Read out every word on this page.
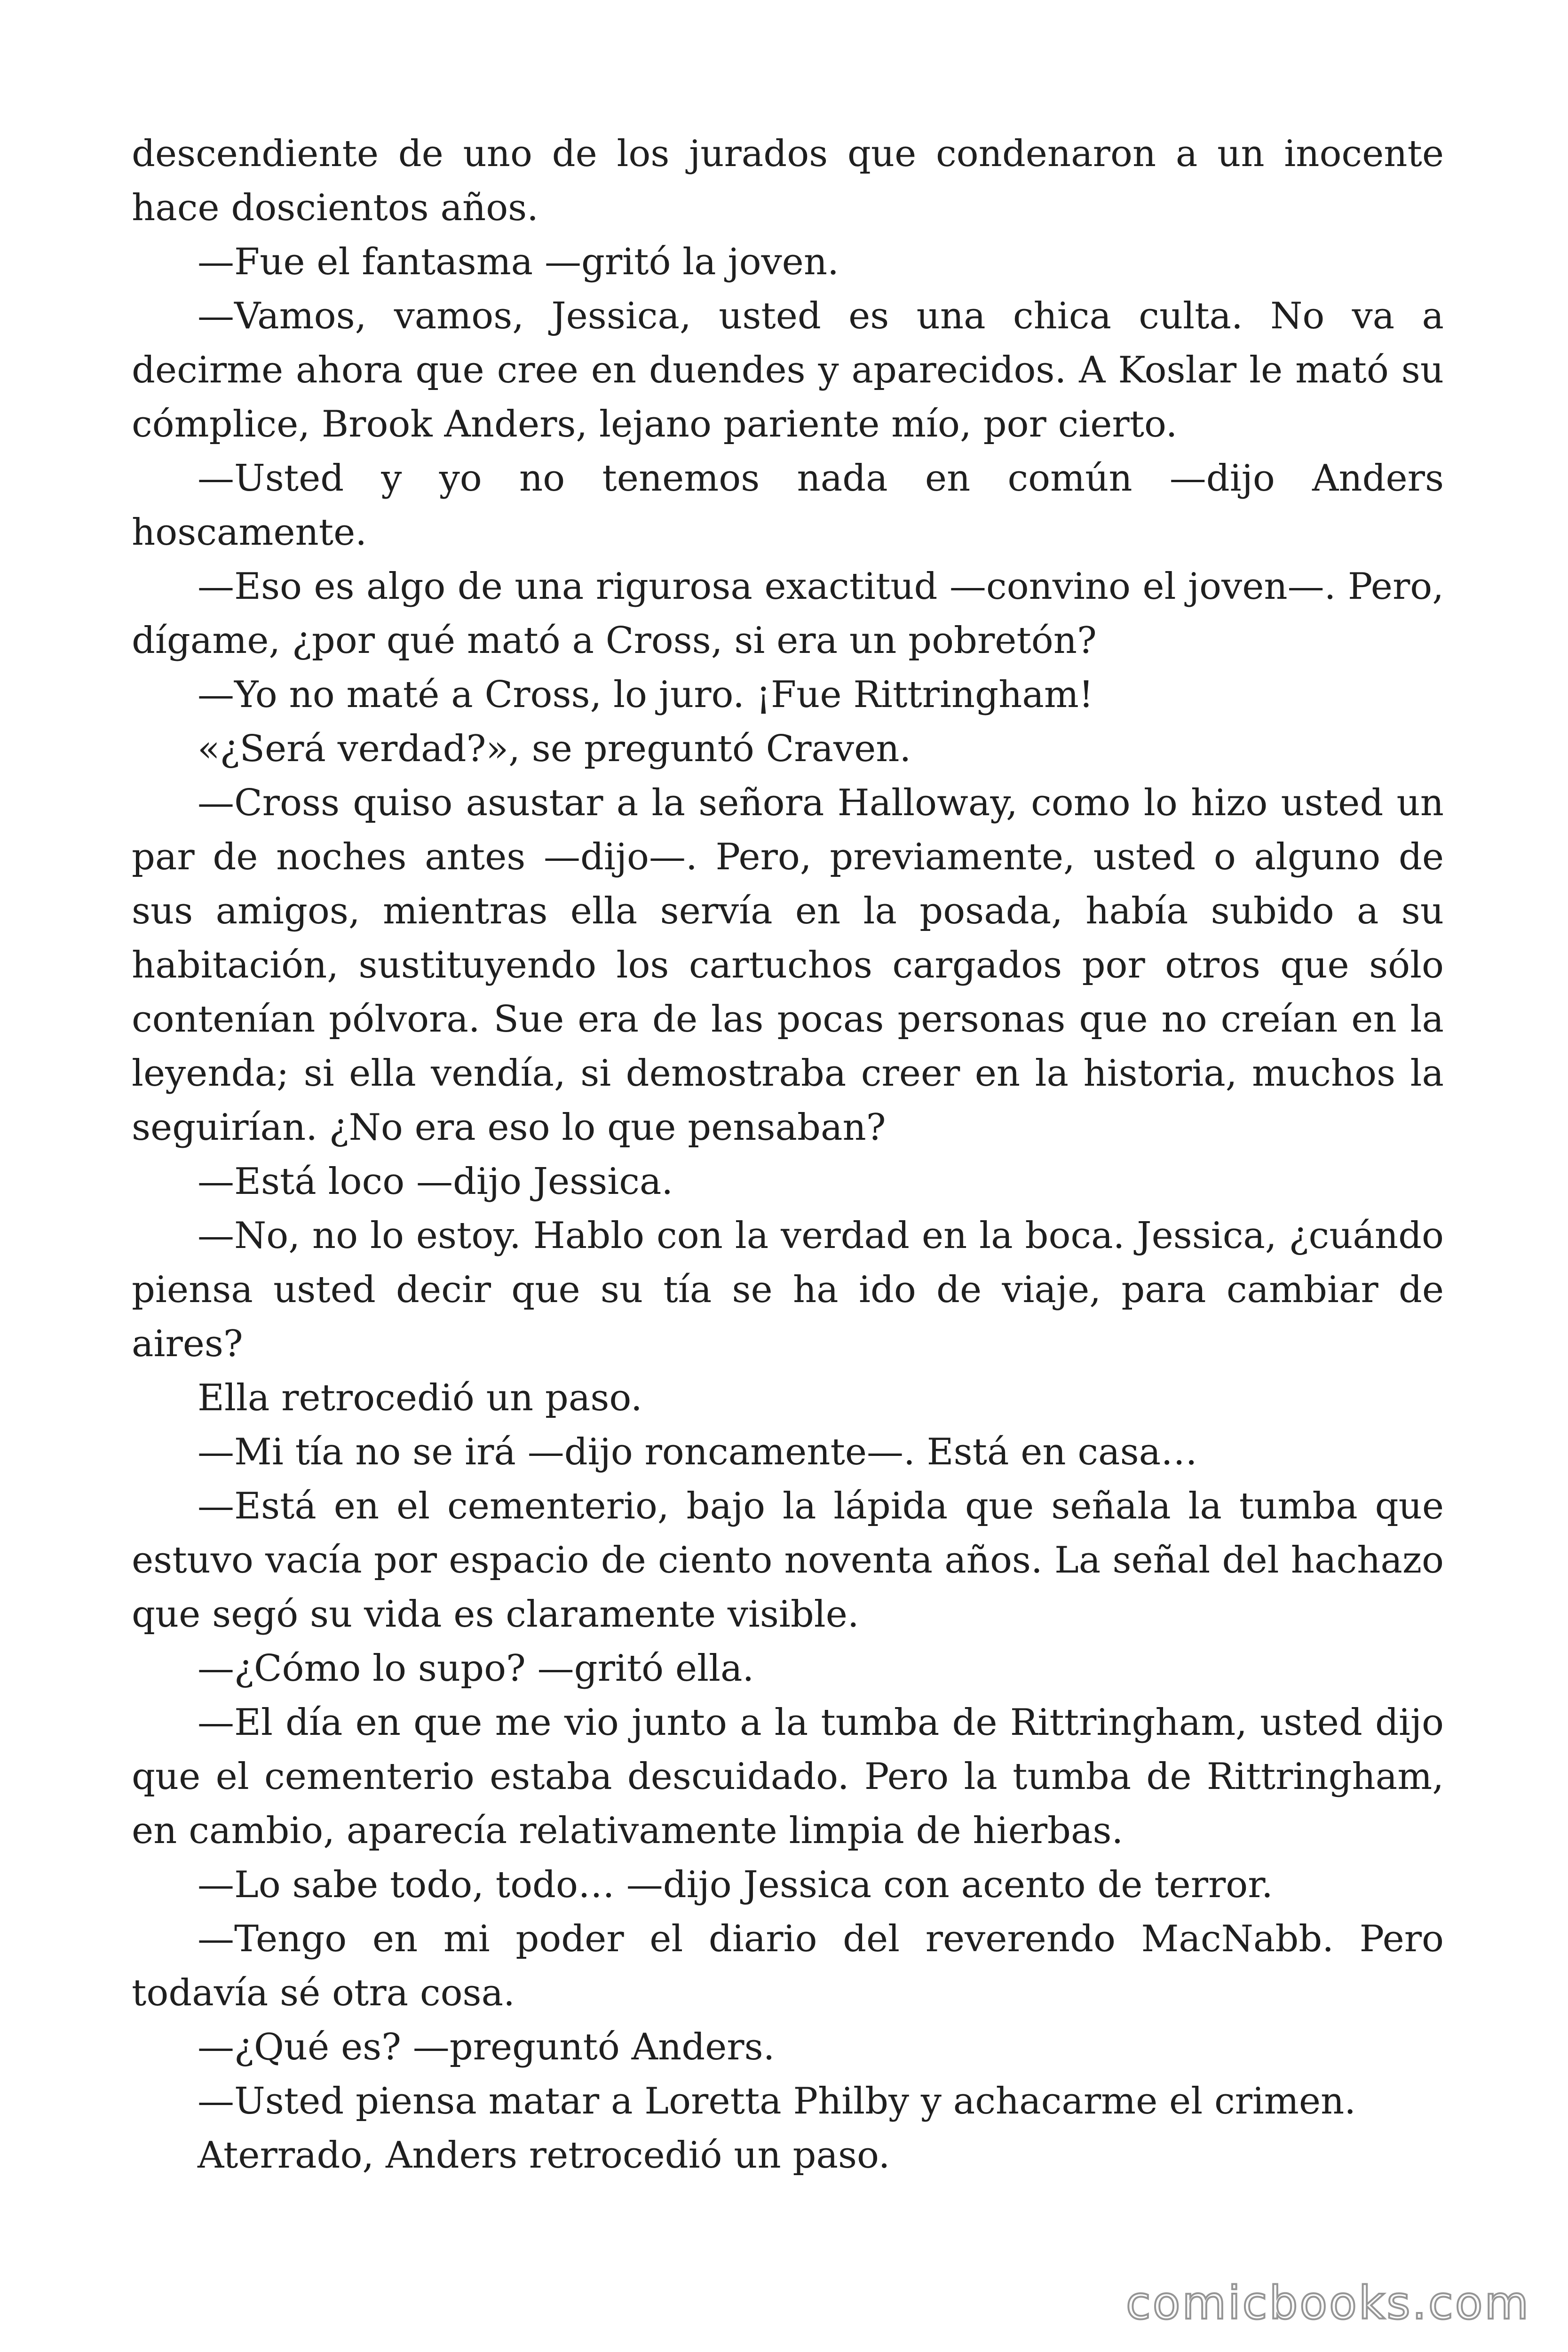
descendiente de uno de los jurados que condenaron a un inocente hace doscientos años.

—Fue el fantasma —gritó la joven.

—Vamos, vamos, Jessica, usted es una chica culta. No va a decirme ahora que cree en duendes y aparecidos. A Koslar le mató su cómplice, Brook Anders, lejano pariente mío, por cierto.

—Usted y yo no tenemos nada en común —dijo Anders hoscamente.

—Eso es algo de una rigurosa exactitud —convino el joven—. Pero, dígame, ¿por qué mató a Cross, si era un pobretón?

—Yo no maté a Cross, lo juro. ¡Fue Rittringham!

«¿Será verdad?», se preguntó Craven.

—Cross quiso asustar a la señora Halloway, como lo hizo usted un par de noches antes —dijo—. Pero, previamente, usted o alguno de sus amigos, mientras ella servía en la posada, había subido a su habitación, sustituyendo los cartuchos cargados por otros que sólo contenían pólvora. Sue era de las pocas personas que no creían en la leyenda; si ella vendía, si demostraba creer en la historia, muchos la seguirían. ¿No era eso lo que pensaban?

—Está loco —dijo Jessica.

—No, no lo estoy. Hablo con la verdad en la boca. Jessica, ¿cuándo piensa usted decir que su tía se ha ido de viaje, para cambiar de aires?

Ella retrocedió un paso.

—Mi tía no se irá —dijo roncamente—. Está en casa…

—Está en el cementerio, bajo la lápida que señala la tumba que estuvo vacía por espacio de ciento noventa años. La señal del hachazo que segó su vida es claramente visible.

—¿Cómo lo supo? —gritó ella.

—El día en que me vio junto a la tumba de Rittringham, usted dijo que el cementerio estaba descuidado. Pero la tumba de Rittringham, en cambio, aparecía relativamente limpia de hierbas.

—Lo sabe todo, todo… —dijo Jessica con acento de terror.

—Tengo en mi poder el diario del reverendo MacNabb. Pero todavía sé otra cosa.

—¿Qué es? —preguntó Anders.

—Usted piensa matar a Loretta Philby y achacarme el crimen.

Aterrado, Anders retrocedió un paso.

comicbooks.com
